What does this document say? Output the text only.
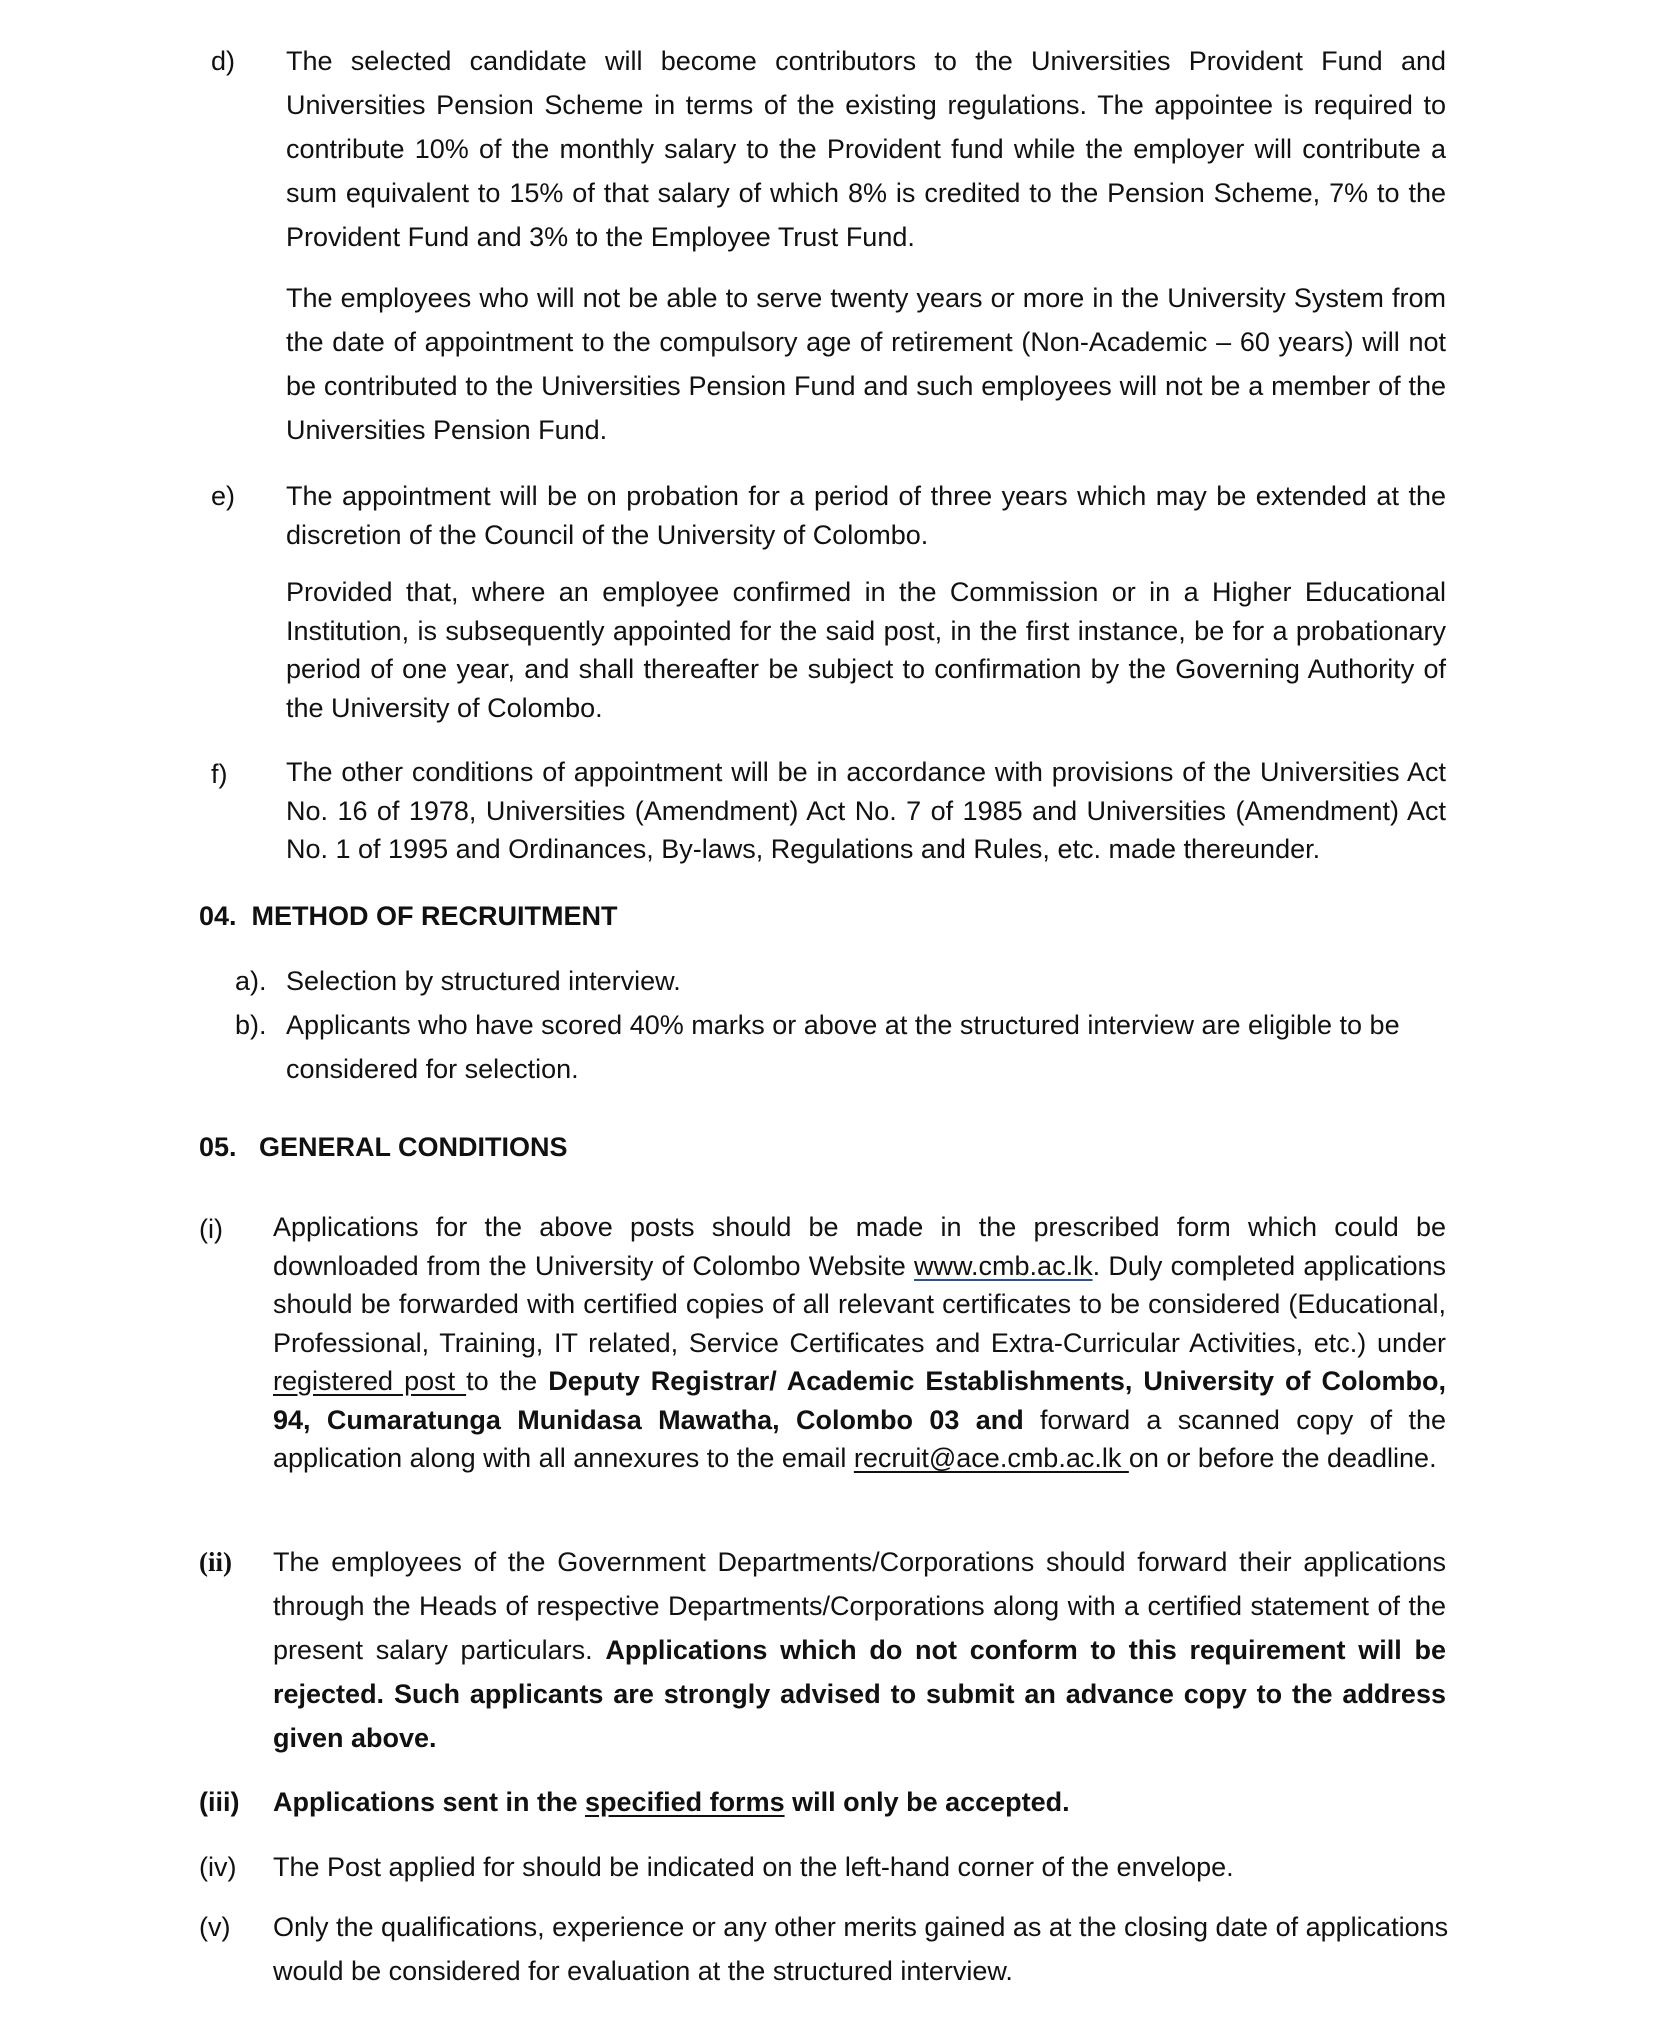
d) The selected candidate will become contributors to the Universities Provident Fund and Universities Pension Scheme in terms of the existing regulations. The appointee is required to contribute 10% of the monthly salary to the Provident fund while the employer will contribute a sum equivalent to 15% of that salary of which 8% is credited to the Pension Scheme, 7% to the Provident Fund and 3% to the Employee Trust Fund.

The employees who will not be able to serve twenty years or more in the University System from the date of appointment to the compulsory age of retirement (Non-Academic – 60 years) will not be contributed to the Universities Pension Fund and such employees will not be a member of the Universities Pension Fund.

e) The appointment will be on probation for a period of three years which may be extended at the discretion of the Council of the University of Colombo.

Provided that, where an employee confirmed in the Commission or in a Higher Educational Institution, is subsequently appointed for the said post, in the first instance, be for a probationary period of one year, and shall thereafter be subject to confirmation by the Governing Authority of the University of Colombo.

f) The other conditions of appointment will be in accordance with provisions of the Universities Act No. 16 of 1978, Universities (Amendment) Act No. 7 of 1985 and Universities (Amendment) Act No. 1 of 1995 and Ordinances, By-laws, Regulations and Rules, etc. made thereunder.

04.  METHOD OF RECRUITMENT
a). Selection by structured interview.

b). Applicants who have scored 40% marks or above at the structured interview are eligible to be considered for selection.

05.   GENERAL CONDITIONS
(i) Applications for the above posts should be made in the prescribed form which could be downloaded from the University of Colombo Website www.cmb.ac.lk. Duly completed applications should be forwarded with certified copies of all relevant certificates to be considered (Educational, Professional, Training, IT related, Service Certificates and Extra-Curricular Activities, etc.) under registered post to the Deputy Registrar/ Academic Establishments, University of Colombo, 94, Cumaratunga Munidasa Mawatha, Colombo 03 and forward a scanned copy of the application along with all annexures to the email recruit@ace.cmb.ac.lk on or before the deadline.

(ii) The employees of the Government Departments/Corporations should forward their applications through the Heads of respective Departments/Corporations along with a certified statement of the present salary particulars. Applications which do not conform to this requirement will be rejected. Such applicants are strongly advised to submit an advance copy to the address given above.

(iii) Applications sent in the specified forms will only be accepted.

(iv) The Post applied for should be indicated on the left-hand corner of the envelope.

(v) Only the qualifications, experience or any other merits gained as at the closing date of applications would be considered for evaluation at the structured interview.
